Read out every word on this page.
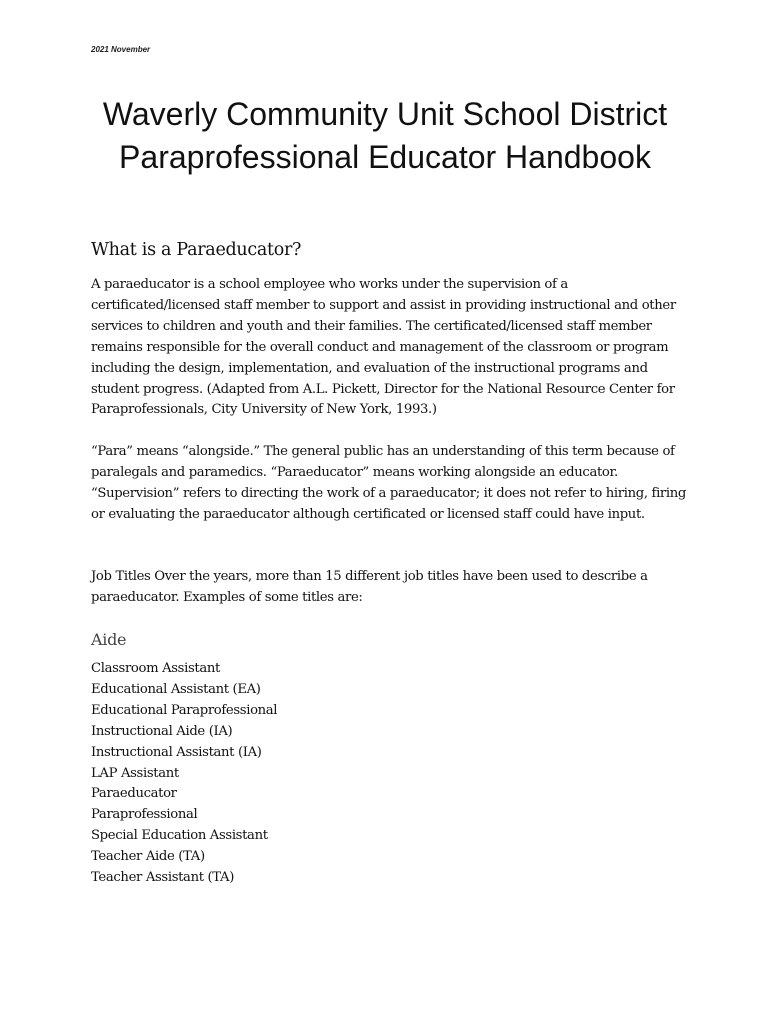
2021 November
Waverly Community Unit School District
Paraprofessional Educator Handbook
What is a Paraeducator?

A paraeducator is a school employee who works under the supervision of a certificated/licensed staff member to support and assist in providing instructional and other services to children and youth and their families. The certificated/licensed staff member remains responsible for the overall conduct and management of the classroom or program including the design, implementation, and evaluation of the instructional programs and student progress. (Adapted from A.L. Pickett, Director for the National Resource Center for Paraprofessionals, City University of New York, 1993.)

“Para” means “alongside.” The general public has an understanding of this term because of paralegals and paramedics. “Paraeducator” means working alongside an educator. “Supervision” refers to directing the work of a paraeducator; it does not refer to hiring, firing or evaluating the paraeducator although certificated or licensed staff could have input.

Job Titles Over the years, more than 15 different job titles have been used to describe a paraeducator. Examples of some titles are:

Aide
Classroom Assistant
Educational Assistant (EA)
Educational Paraprofessional
Instructional Aide (IA)
Instructional Assistant (IA)
LAP Assistant
Paraeducator
Paraprofessional
Special Education Assistant
Teacher Aide (TA)
Teacher Assistant (TA)
